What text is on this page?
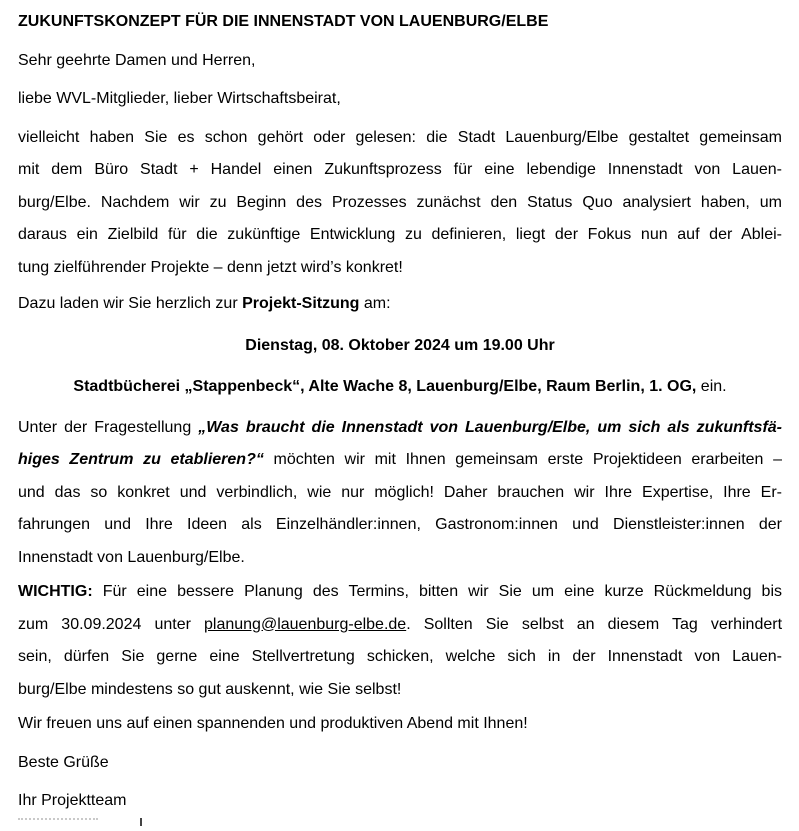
ZUKUNFTSKONZEPT FÜR DIE INNENSTADT VON LAUENBURG/ELBE
Sehr geehrte Damen und Herren,
liebe WVL-Mitglieder, lieber Wirtschaftsbeirat,
vielleicht haben Sie es schon gehört oder gelesen: die Stadt Lauenburg/Elbe gestaltet gemeinsam
mit dem Büro Stadt + Handel einen Zukunftsprozess für eine lebendige Innenstadt von Lauen-
burg/Elbe. Nachdem wir zu Beginn des Prozesses zunächst den Status Quo analysiert haben, um
daraus ein Zielbild für die zukünftige Entwicklung zu definieren, liegt der Fokus nun auf der Ablei-
tung zielführender Projekte – denn jetzt wird’s konkret!
Dazu laden wir Sie herzlich zur Projekt-Sitzung am:
Dienstag, 08. Oktober 2024 um 19.00 Uhr
Stadtbücherei „Stappenbeck“, Alte Wache 8, Lauenburg/Elbe, Raum Berlin, 1. OG, ein.
Unter der Fragestellung „Was braucht die Innenstadt von Lauenburg/Elbe, um sich als zukunftsfä-
higes Zentrum zu etablieren?“ möchten wir mit Ihnen gemeinsam erste Projektideen erarbeiten –
und das so konkret und verbindlich, wie nur möglich! Daher brauchen wir Ihre Expertise, Ihre Er-
fahrungen und Ihre Ideen als Einzelhändler:innen, Gastronom:innen und Dienstleister:innen der
Innenstadt von Lauenburg/Elbe.
WICHTIG: Für eine bessere Planung des Termins, bitten wir Sie um eine kurze Rückmeldung bis
zum 30.09.2024 unter planung@lauenburg-elbe.de. Sollten Sie selbst an diesem Tag verhindert
sein, dürfen Sie gerne eine Stellvertretung schicken, welche sich in der Innenstadt von Lauen-
burg/Elbe mindestens so gut auskennt, wie Sie selbst!
Wir freuen uns auf einen spannenden und produktiven Abend mit Ihnen!
Beste Grüße
Ihr Projektteam
